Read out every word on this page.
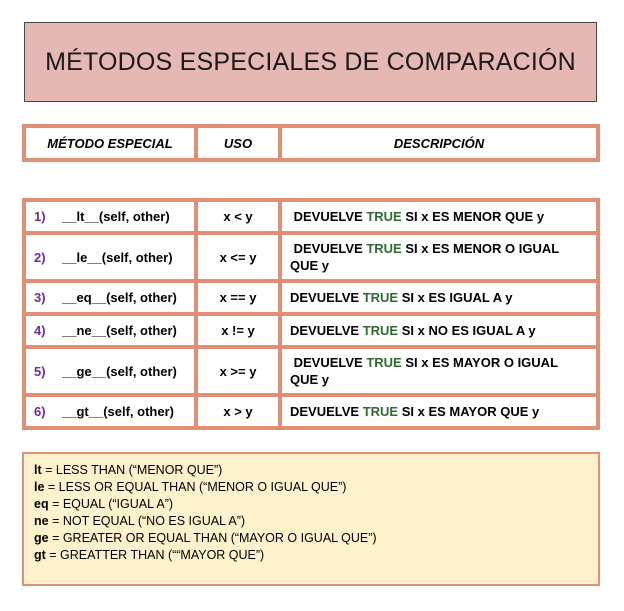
MÉTODOS ESPECIALES DE COMPARACIÓN
MÉTODO ESPECIAL	USO	DESCRIPCIÓN
1) __lt__(self, other)	x < y	DEVUELVE TRUE SI x ES MENOR QUE y
2) __le__(self, other)	x <= y	DEVUELVE TRUE SI x ES MENOR O IGUAL QUE y
3) __eq__(self, other)	x == y	DEVUELVE TRUE SI x ES IGUAL A y
4) __ne__(self, other)	x != y	DEVUELVE TRUE SI x NO ES IGUAL A y
5) __ge__(self, other)	x >= y	DEVUELVE TRUE SI x ES MAYOR O IGUAL QUE y
6) __gt__(self, other)	x > y	DEVUELVE TRUE SI x ES MAYOR QUE y
lt = LESS THAN (“MENOR QUE”)
le = LESS OR EQUAL THAN (“MENOR O IGUAL QUE”)
eq = EQUAL (“IGUAL A”)
ne = NOT EQUAL (“NO ES IGUAL A”)
ge = GREATER OR EQUAL THAN (“MAYOR O IGUAL QUE”)
gt = GREATTER THAN (““MAYOR QUE”)
